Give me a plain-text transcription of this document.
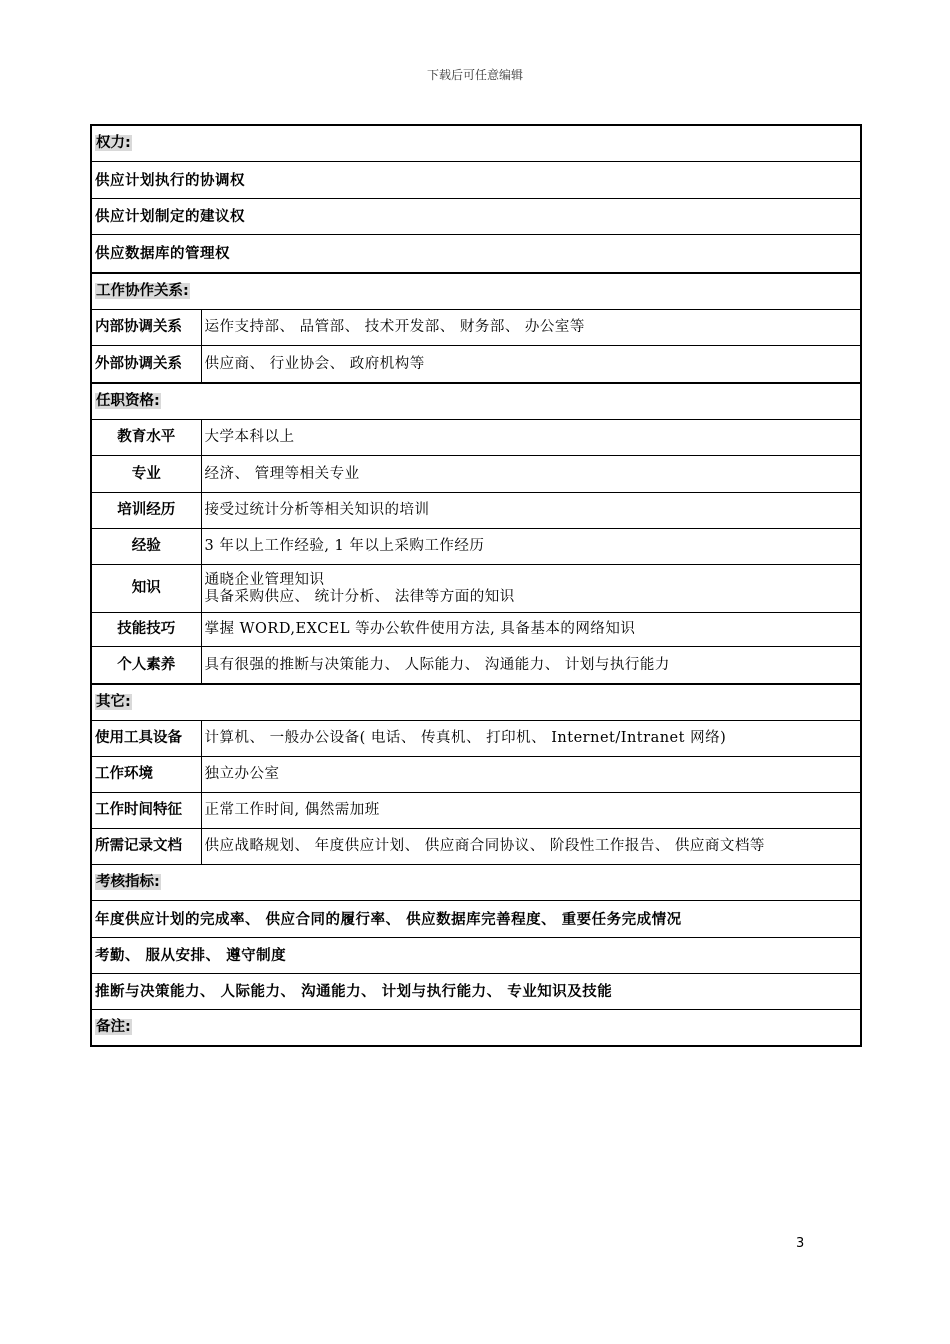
下载后可任意编辑
权力:	
供应计划执行的协调权	
供应计划制定的建议权	
供应数据库的管理权	
工作协作关系:	
内部协调关系	运作支持部、 品管部、 技术开发部、 财务部、 办公室等
外部协调关系	供应商、 行业协会、 政府机构等
任职资格:	
教育水平	大学本科以上
专业	经济、 管理等相关专业
培训经历	接受过统计分析等相关知识的培训
经验	3 年以上工作经验, 1 年以上采购工作经历
知识	通晓企业管理知识
具备采购供应、 统计分析、 法律等方面的知识

技能技巧	掌握 WORD,EXCEL 等办公软件使用方法, 具备基本的网络知识
个人素养	具有很强的推断与决策能力、 人际能力、 沟通能力、 计划与执行能力
其它:	
使用工具设备	计算机、 一般办公设备( 电话、 传真机、 打印机、 Internet/Intranet 网络)
工作环境	独立办公室
工作时间特征	正常工作时间, 偶然需加班
所需记录文档	供应战略规划、 年度供应计划、 供应商合同协议、 阶段性工作报告、 供应商文档等
考核指标:	
年度供应计划的完成率、 供应合同的履行率、 供应数据库完善程度、 重要任务完成情况	
考勤、 服从安排、 遵守制度	
推断与决策能力、 人际能力、 沟通能力、 计划与执行能力、 专业知识及技能	
备注:	
3
